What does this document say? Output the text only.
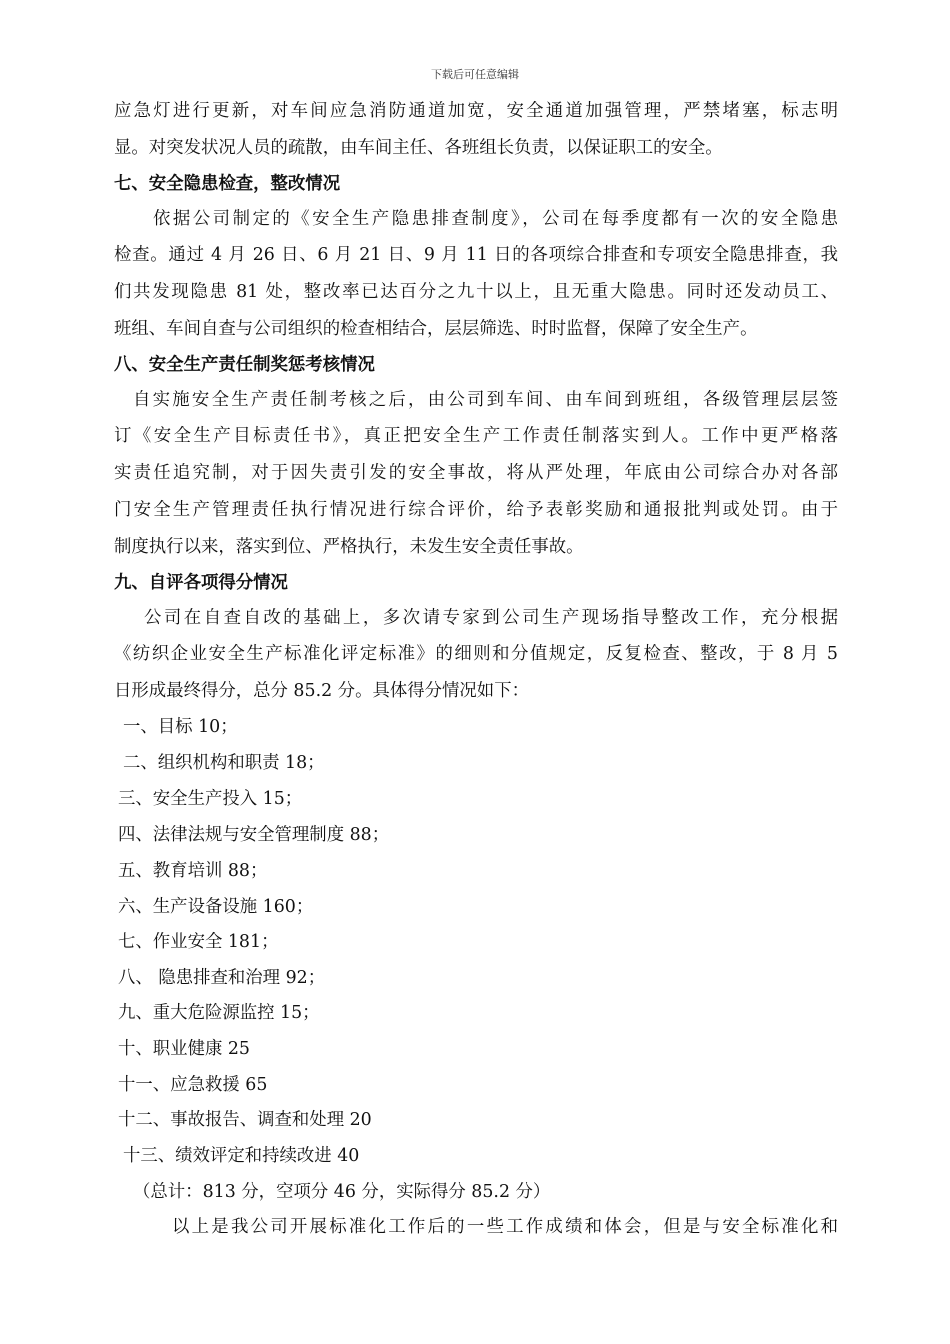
下载后可任意编辑
应急灯进行更新，对车间应急消防通道加宽，安全通道加强管理，严禁堵塞，标志明
显。对突发状况人员的疏散，由车间主任、各班组长负责，以保证职工的安全。
七、安全隐患检查，整改情况
依据公司制定的《安全生产隐患排查制度》，公司在每季度都有一次的安全隐患
检查。通过 4 月 26 日、6 月 21 日、9 月 11 日的各项综合排查和专项安全隐患排查，我
们共发现隐患 81 处，整改率已达百分之九十以上，且无重大隐患。同时还发动员工、
班组、车间自查与公司组织的检查相结合，层层筛选、时时监督，保障了安全生产。
八、安全生产责任制奖惩考核情况
自实施安全生产责任制考核之后，由公司到车间、由车间到班组，各级管理层层签
订《安全生产目标责任书》，真正把安全生产工作责任制落实到人。工作中更严格落
实责任追究制，对于因失责引发的安全事故，将从严处理，年底由公司综合办对各部
门安全生产管理责任执行情况进行综合评价，给予表彰奖励和通报批判或处罚。由于
制度执行以来，落实到位、严格执行，未发生安全责任事故。
九、自评各项得分情况
公司在自查自改的基础上，多次请专家到公司生产现场指导整改工作，充分根据
《纺织企业安全生产标准化评定标准》的细则和分值规定，反复检查、整改，于 8 月 5
日形成最终得分，总分 85.2 分。具体得分情况如下：
一、目标 10；
二、组织机构和职责 18；
三、安全生产投入 15；
四、法律法规与安全管理制度 88；
五、教育培训 88；
六、生产设备设施 160；
七、作业安全 181；
八、 隐患排查和治理 92；
九、重大危险源监控 15；
十、职业健康 25
十一、应急救援 65
十二、事故报告、调查和处理 20
十三、绩效评定和持续改进 40
（总计：813 分，空项分 46 分，实际得分 85.2 分）
以上是我公司开展标准化工作后的一些工作成绩和体会，但是与安全标准化和
